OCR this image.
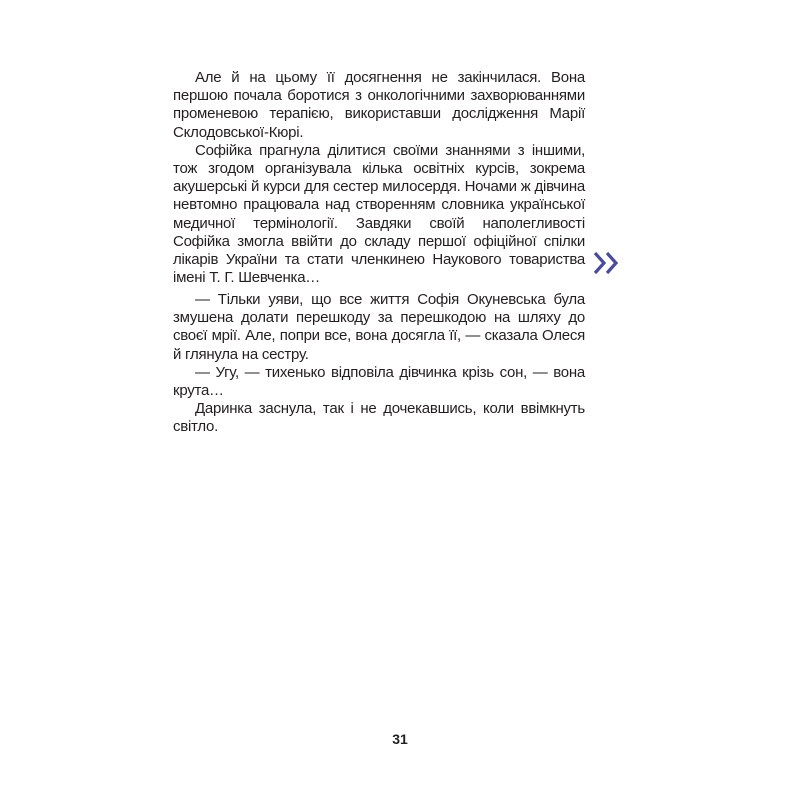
Але й на цьому її досягнення не закінчилася. Вона першою почала боротися з онкологічними захворюваннями променевою терапією, використавши дослідження Марії Склодовської-Кюрі.

Софійка прагнула ділитися своїми знаннями з іншими, тож згодом організувала кілька освітніх курсів, зокрема акушерські й курси для сестер милосердя. Ночами ж дівчина невтомно працювала над створенням словника української медичної термінології. Завдяки своїй наполегливості Софійка змогла ввійти до складу першої офіційної спілки лікарів України та стати членкинею Наукового товариства імені Т. Г. Шевченка…

— Тільки уяви, що все життя Софія Окуневська була змушена долати перешкоду за перешкодою на шляху до своєї мрії. Але, попри все, вона досягла її, — сказала Олеся й глянула на сестру.

— Угу, — тихенько відповіла дівчинка крізь сон, — вона крута…

Даринка заснула, так і не дочекавшись, коли ввімкнуть світло.

31
